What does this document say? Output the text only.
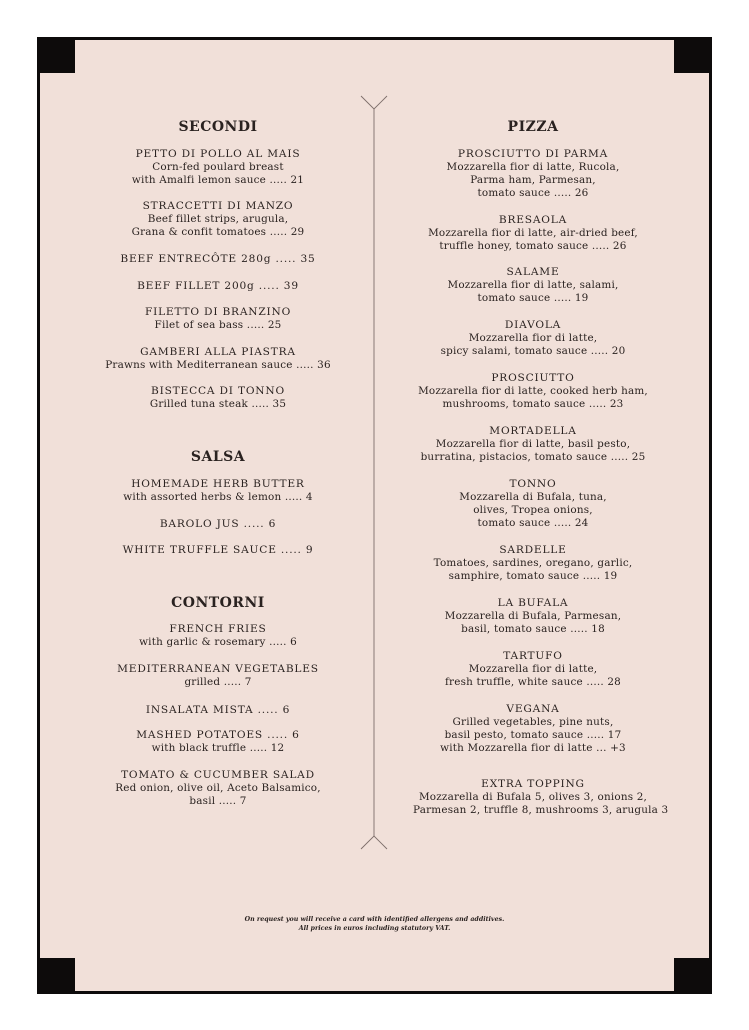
SECONDI
PETTO DI POLLO AL MAIS
Corn-fed poulard breast
with Amalfi lemon sauce ..... 21
STRACCETTI DI MANZO
Beef fillet strips, arugula,
Grana & confit tomatoes ..... 29
BEEF ENTRECÔTE 280g ..... 35
BEEF FILLET 200g ..... 39
FILETTO DI BRANZINO
Filet of sea bass ..... 25
GAMBERI ALLA PIASTRA
Prawns with Mediterranean sauce ..... 36
BISTECCA DI TONNO
Grilled tuna steak ..... 35
SALSA
HOMEMADE HERB BUTTER
with assorted herbs & lemon ..... 4
BAROLO JUS ..... 6
WHITE TRUFFLE SAUCE ..... 9
CONTORNI
FRENCH FRIES
with garlic & rosemary ..... 6
MEDITERRANEAN VEGETABLES
grilled ..... 7
INSALATA MISTA ..... 6
MASHED POTATOES ..... 6
with black truffle ..... 12
TOMATO & CUCUMBER SALAD
Red onion, olive oil, Aceto Balsamico,
basil ..... 7
PIZZA
PROSCIUTTO DI PARMA
Mozzarella fior di latte, Rucola,
Parma ham, Parmesan,
tomato sauce ..... 26
BRESAOLA
Mozzarella fior di latte, air-dried beef,
truffle honey, tomato sauce ..... 26
SALAME
Mozzarella fior di latte, salami,
tomato sauce ..... 19
DIAVOLA
Mozzarella fior di latte,
spicy salami, tomato sauce ..... 20
PROSCIUTTO
Mozzarella fior di latte, cooked herb ham,
mushrooms, tomato sauce ..... 23
MORTADELLA
Mozzarella fior di latte, basil pesto,
burratina, pistacios, tomato sauce ..... 25
TONNO
Mozzarella di Bufala, tuna,
olives, Tropea onions,
tomato sauce ..... 24
SARDELLE
Tomatoes, sardines, oregano, garlic,
samphire, tomato sauce ..... 19
LA BUFALA
Mozzarella di Bufala, Parmesan,
basil, tomato sauce ..... 18
TARTUFO
Mozzarella fior di latte,
fresh truffle, white sauce ..... 28
VEGANA
Grilled vegetables, pine nuts,
basil pesto, tomato sauce ..... 17
with Mozzarella fior di latte ... +3
EXTRA TOPPING
Mozzarella di Bufala 5, olives 3, onions 2,
Parmesan 2, truffle 8, mushrooms 3, arugula 3
On request you will receive a card with identified allergens and additives.
All prices in euros including statutory VAT.
